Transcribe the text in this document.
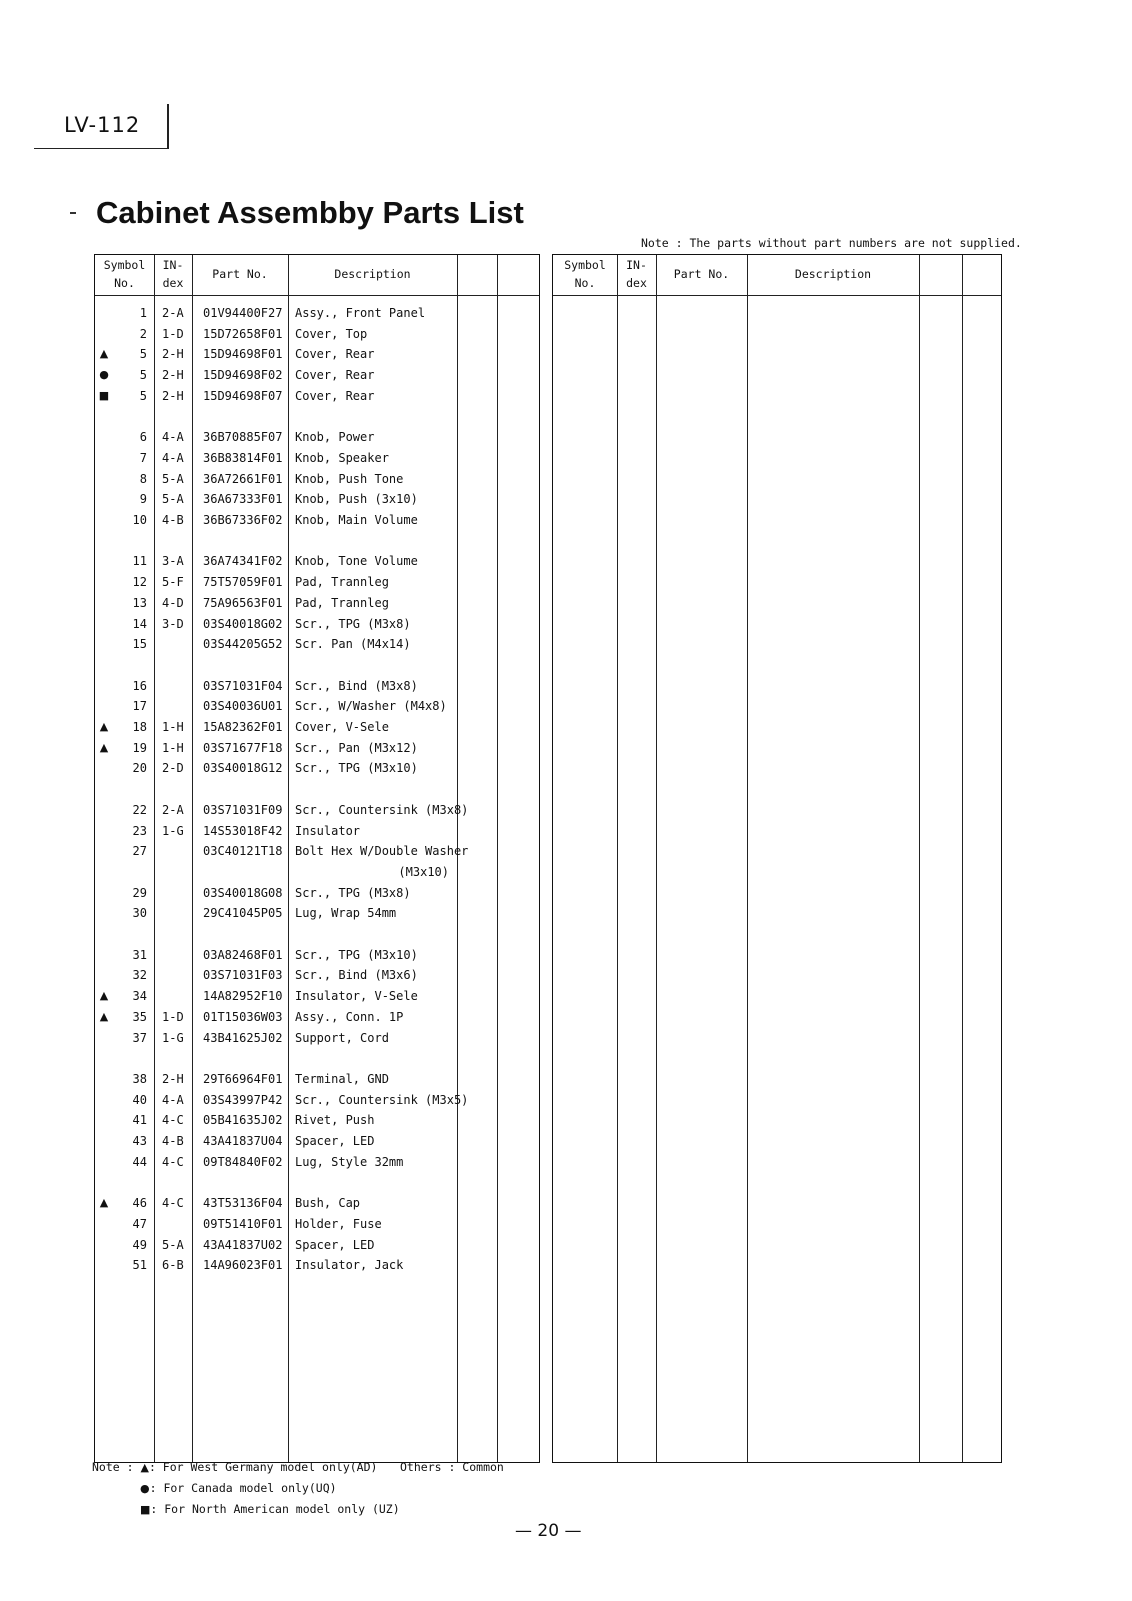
LV-112
Cabinet Assembby Parts List
Note : The parts without part numbers are not supplied.
Symbol
No.
IN-
dex
Part No.	Description
1 2-A 01V94400F27 Assy., Front Panel
2 1-D 15D72658F01 Cover, Top
▲	5 2-H 15D94698F01 Cover, Rear
●	5 2-H 15D94698F02 Cover, Rear
■	5 2-H 15D94698F07 Cover, Rear
6 4-A 36B70885F07 Knob, Power
7 4-A 36B83814F01 Knob, Speaker
8 5-A 36A72661F01 Knob, Push Tone
9 5-A 36A67333F01 Knob, Push (3x10)
10 4-B 36B67336F02 Knob, Main Volume
11 3-A 36A74341F02 Knob, Tone Volume
12 5-F 75T57059F01 Pad, Trannleg
13 4-D 75A96563F01 Pad, Trannleg
14 3-D 03S40018G02 Scr., TPG (M3x8)
15	03S44205G52 Scr. Pan (M4x14)
16	03S71031F04 Scr., Bind (M3x8)
17	03S40036U01 Scr., W/Washer (M4x8)
▲	18 1-H 15A82362F01 Cover, V-Sele
▲	19 1-H 03S71677F18 Scr., Pan (M3x12)
20 2-D 03S40018G12 Scr., TPG (M3x10)
22 2-A 03S71031F09 Scr., Countersink (M3x8)
23 1-G 14S53018F42 Insulator
27	03C40121T18 Bolt Hex W/Double Washer
(M3x10)
29	03S40018G08 Scr., TPG (M3x8)
30	29C41045P05 Lug, Wrap 54mm
31	03A82468F01 Scr., TPG (M3x10)
32	03S71031F03 Scr., Bind (M3x6)
▲	34	14A82952F10 Insulator, V-Sele
▲	35 1-D 01T15036W03 Assy., Conn. 1P
37 1-G 43B41625J02 Support, Cord
38 2-H 29T66964F01 Terminal, GND
40 4-A 03S43997P42 Scr., Countersink (M3x5)
41 4-C 05B41635J02 Rivet, Push
43 4-B 43A41837U04 Spacer, LED
44 4-C 09T84840F02 Lug, Style 32mm
▲	46 4-C 43T53136F04 Bush, Cap
47	09T51410F01 Holder, Fuse
49 5-A 43A41837U02 Spacer, LED
51 6-B 14A96023F01 Insulator, Jack
Symbol
No.
IN-
dex
Part No.	Description
Note : ▲: For West Germany model only(AD) Others : Common
●: For Canada model only(UQ)
■: For North American model only (UZ)
— 20 —
